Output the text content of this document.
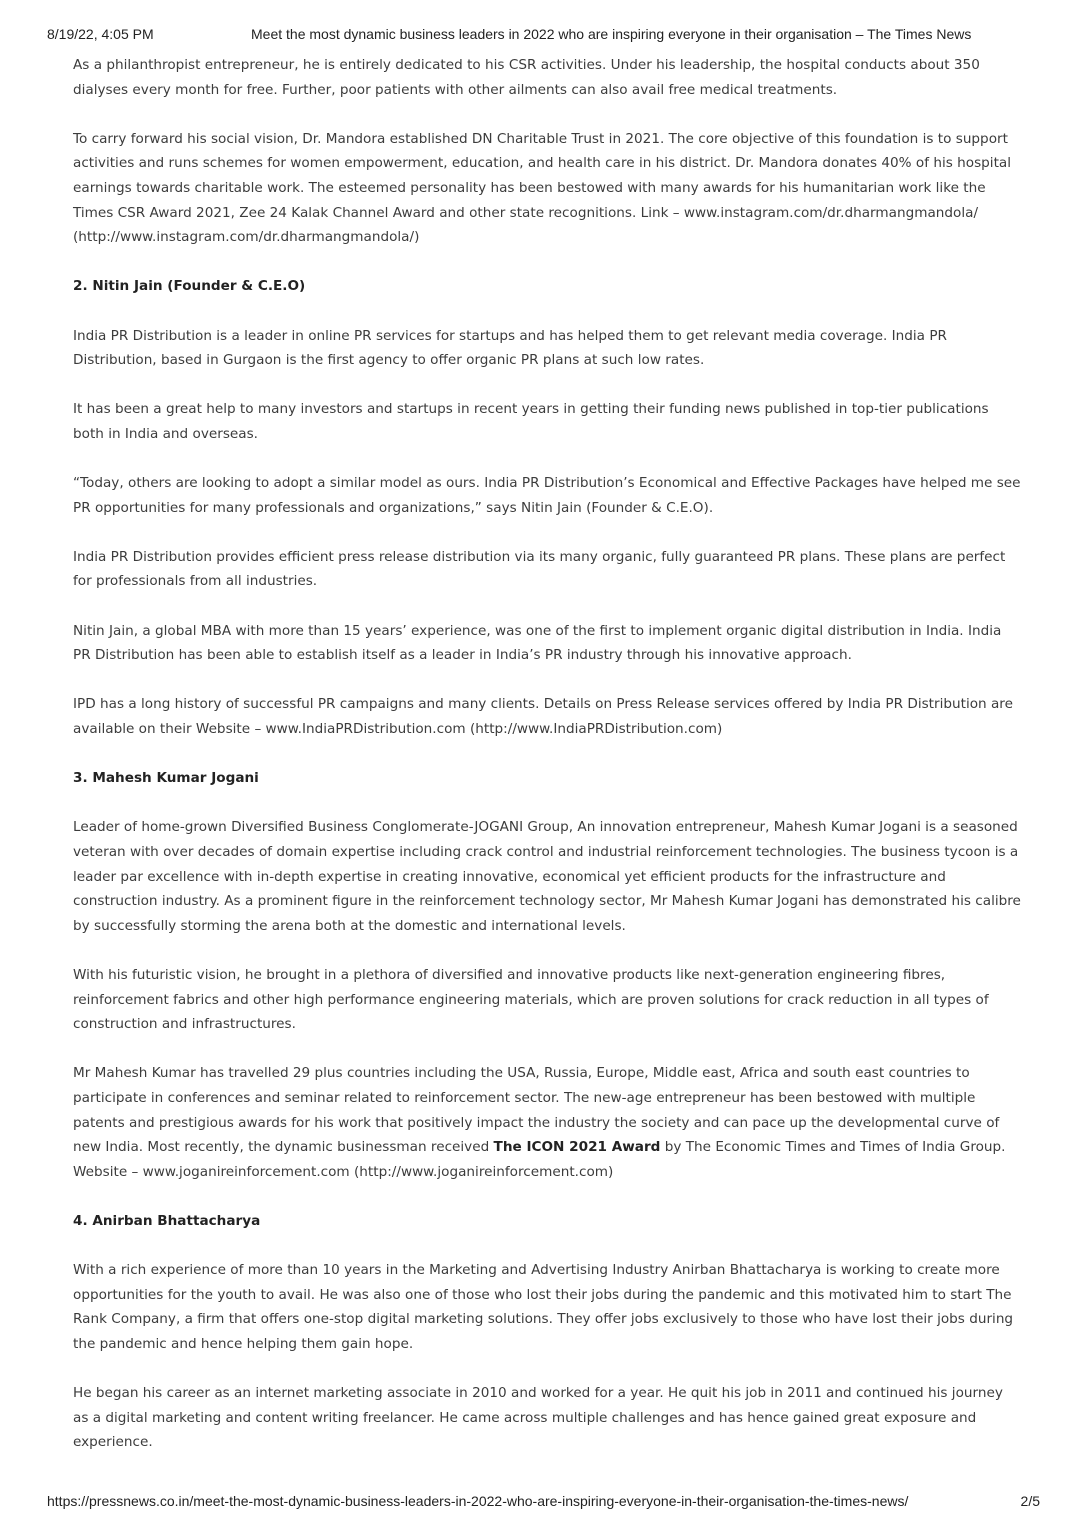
8/19/22, 4:05 PM	Meet the most dynamic business leaders in 2022 who are inspiring everyone in their organisation – The Times News

As a philanthropist entrepreneur, he is entirely dedicated to his CSR activities. Under his leadership, the hospital conducts about 350 dialyses every month for free. Further, poor patients with other ailments can also avail free medical treatments.

To carry forward his social vision, Dr. Mandora established DN Charitable Trust in 2021. The core objective of this foundation is to support activities and runs schemes for women empowerment, education, and health care in his district. Dr. Mandora donates 40% of his hospital earnings towards charitable work. The esteemed personality has been bestowed with many awards for his humanitarian work like the Times CSR Award 2021, Zee 24 Kalak Channel Award and other state recognitions. Link – www.instagram.com/dr.dharmangmandola/ (http://www.instagram.com/dr.dharmangmandola/)

2. Nitin Jain (Founder & C.E.O)

India PR Distribution is a leader in online PR services for startups and has helped them to get relevant media coverage. India PR Distribution, based in Gurgaon is the first agency to offer organic PR plans at such low rates.

It has been a great help to many investors and startups in recent years in getting their funding news published in top-tier publications both in India and overseas.

“Today, others are looking to adopt a similar model as ours. India PR Distribution’s Economical and Effective Packages have helped me see PR opportunities for many professionals and organizations,” says Nitin Jain (Founder & C.E.O).

India PR Distribution provides efficient press release distribution via its many organic, fully guaranteed PR plans. These plans are perfect for professionals from all industries.

Nitin Jain, a global MBA with more than 15 years’ experience, was one of the first to implement organic digital distribution in India. India PR Distribution has been able to establish itself as a leader in India’s PR industry through his innovative approach.

IPD has a long history of successful PR campaigns and many clients. Details on Press Release services offered by India PR Distribution are available on their Website – www.IndiaPRDistribution.com (http://www.IndiaPRDistribution.com)

3. Mahesh Kumar Jogani

Leader of home-grown Diversified Business Conglomerate-JOGANI Group, An innovation entrepreneur, Mahesh Kumar Jogani is a seasoned veteran with over decades of domain expertise including crack control and industrial reinforcement technologies. The business tycoon is a leader par excellence with in-depth expertise in creating innovative, economical yet efficient products for the infrastructure and construction industry. As a prominent figure in the reinforcement technology sector, Mr Mahesh Kumar Jogani has demonstrated his calibre by successfully storming the arena both at the domestic and international levels.

With his futuristic vision, he brought in a plethora of diversified and innovative products like next-generation engineering fibres, reinforcement fabrics and other high performance engineering materials, which are proven solutions for crack reduction in all types of construction and infrastructures.

Mr Mahesh Kumar has travelled 29 plus countries including the USA, Russia, Europe, Middle east, Africa and south east countries to participate in conferences and seminar related to reinforcement sector. The new-age entrepreneur has been bestowed with multiple patents and prestigious awards for his work that positively impact the industry the society and can pace up the developmental curve of new India. Most recently, the dynamic businessman received The ICON 2021 Award by The Economic Times and Times of India Group. Website – www.joganireinforcement.com (http://www.joganireinforcement.com)

4. Anirban Bhattacharya

With a rich experience of more than 10 years in the Marketing and Advertising Industry Anirban Bhattacharya is working to create more opportunities for the youth to avail. He was also one of those who lost their jobs during the pandemic and this motivated him to start The Rank Company, a firm that offers one-stop digital marketing solutions. They offer jobs exclusively to those who have lost their jobs during the pandemic and hence helping them gain hope.

He began his career as an internet marketing associate in 2010 and worked for a year. He quit his job in 2011 and continued his journey as a digital marketing and content writing freelancer. He came across multiple challenges and has hence gained great exposure and experience.

https://pressnews.co.in/meet-the-most-dynamic-business-leaders-in-2022-who-are-inspiring-everyone-in-their-organisation-the-times-news/	2/5
